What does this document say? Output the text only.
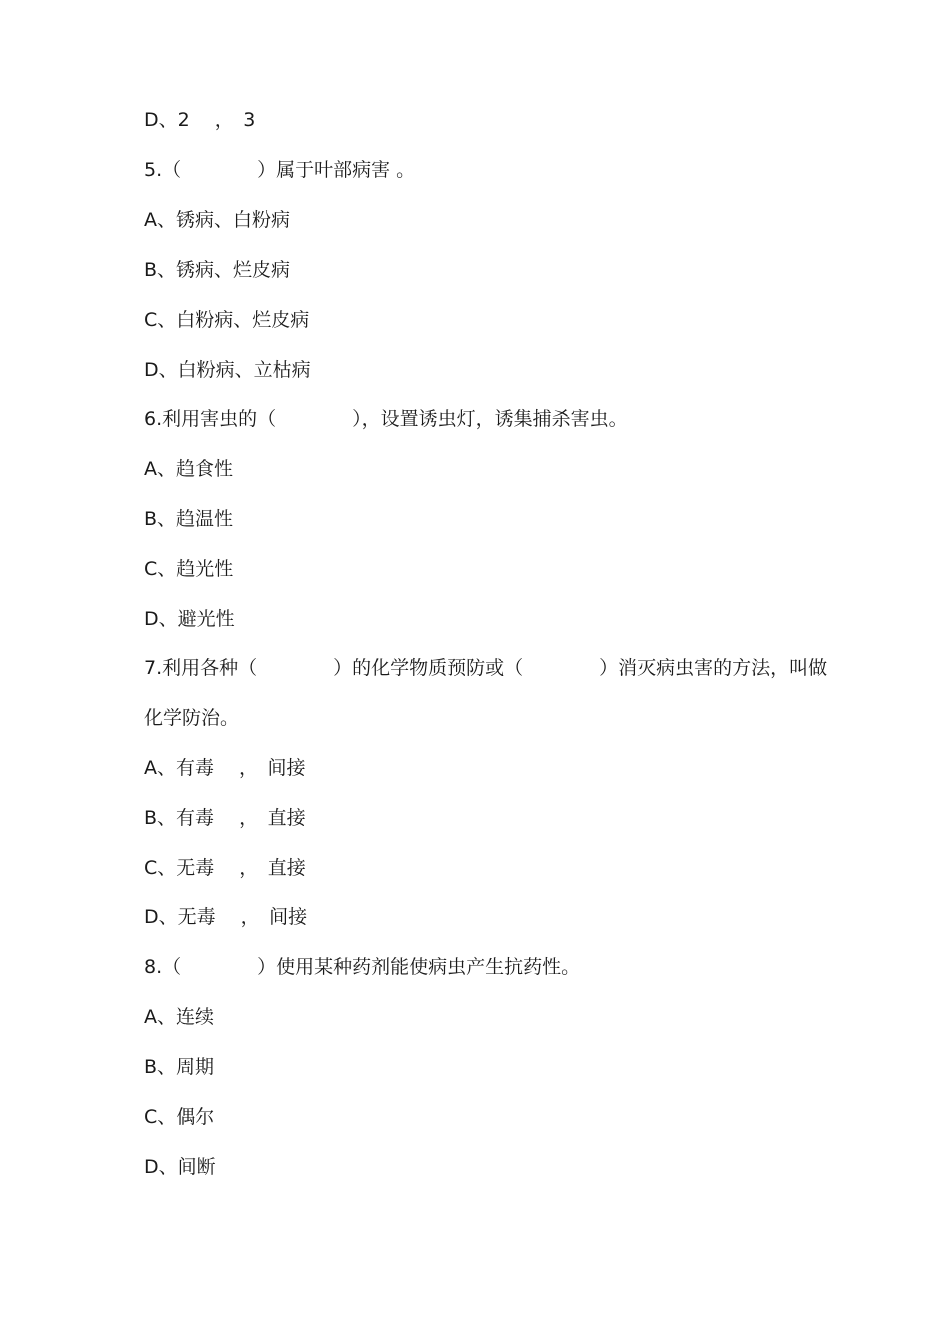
D、2　 ，　3
5.（　　　　）属于叶部病害 。
A、锈病、白粉病
B、锈病、烂皮病
C、白粉病、烂皮病
D、白粉病、立枯病
6.利用害虫的（　　　　），设置诱虫灯，诱集捕杀害虫。
A、趋食性
B、趋温性
C、趋光性
D、避光性
7.利用各种（　　　　）的化学物质预防或（　　　　）消灭病虫害的方法，叫做
化学防治。
A、有毒　 ，　间接
B、有毒　 ，　直接
C、无毒　 ，　直接
D、无毒　 ，　间接
8.（　　　　）使用某种药剂能使病虫产生抗药性。
A、连续
B、周期
C、偶尔
D、间断
